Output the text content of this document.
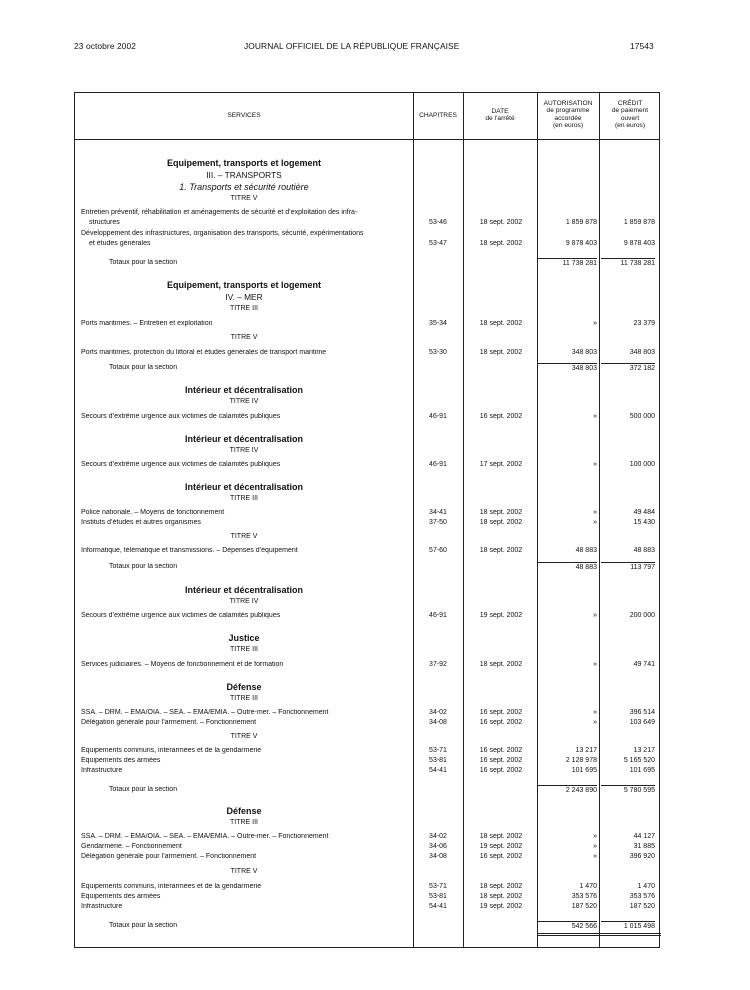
23 octobre 2002	JOURNAL OFFICIEL DE LA RÉPUBLIQUE FRANÇAISE	17543
SERVICES	CHAPITRES
DATE
de l’arrêté
AUTORISATION
de programme
accordée
(en euros)
CRÉDIT
de paiement
ouvert
(en euros)
Equipement, transports et logement
III. – TRANSPORTS
1. Transports et sécurité routière
TITRE V
Entretien préventif, réhabilitation et aménagements de sécurité et d’exploitation des infra-
structures	53-46	18 sept. 2002	1 859 878	1 859 878
Développement des infrastructures, organisation des transports, sécurité, expérimentations
et études générales	53-47	18 sept. 2002	9 878 403	9 878 403
Totaux pour la section	11 738 281	11 738 281
Equipement, transports et logement
IV. – MER
TITRE III
Ports maritimes. – Entretien et exploitation	35-34	18 sept. 2002	»	23 379
TITRE V
Ports maritimes, protection du littoral et études générales de transport maritime	53-30	18 sept. 2002	348 803	348 803
Totaux pour la section	348 803	372 182
Intérieur et décentralisation
TITRE IV
Secours d’extrême urgence aux victimes de calamités publiques	46-91	16 sept. 2002	»	500 000
Intérieur et décentralisation
TITRE IV
Secours d’extrême urgence aux victimes de calamités publiques	46-91	17 sept. 2002	»	100 000
Intérieur et décentralisation
TITRE III
Police nationale. – Moyens de fonctionnement	34-41	18 sept. 2002	»	49 484
Instituts d’études et autres organismes	37-50	18 sept. 2002	»	15 430
TITRE V
Informatique, télématique et transmissions. – Dépenses d’équipement	57-60	18 sept. 2002	48 883	48 883
Totaux pour la section	48 883	113 797
Intérieur et décentralisation
TITRE IV
Secours d’extrême urgence aux victimes de calamités publiques	46-91	19 sept. 2002	»	200 000
Justice
TITRE III
Services judiciaires. – Moyens de fonctionnement et de formation	37-92	18 sept. 2002	»	49 741
Défense
TITRE III
SSA. – DRM. – EMA/OIA. – SEA. – EMA/EMIA. – Outre-mer. – Fonctionnement	34-02	16 sept. 2002	»	396 514
Délégation générale pour l’armement. – Fonctionnement	34-08	16 sept. 2002	»	103 649
TITRE V
Equipements communs, interarmées et de la gendarmerie	53-71	16 sept. 2002	13 217	13 217
Equipements des armées	53-81	16 sept. 2002	2 128 978	5 165 520
Infrastructure	54-41	16 sept. 2002	101 695	101 695
Totaux pour la section	2 243 890	5 780 595
Défense
TITRE III
SSA. – DRM. – EMA/OIA. – SEA. – EMA/EMIA. – Outre-mer. – Fonctionnement	34-02	18 sept. 2002	»	44 127
Gendarmerie. – Fonctionnement	34-06	19 sept. 2002	»	31 885
Délégation générale pour l’armement. – Fonctionnement	34-08	16 sept. 2002	»	396 920
TITRE V
Equipements communs, interarmées et de la gendarmerie	53-71	18 sept. 2002	1 470	1 470
Equipements des armées	53-81	18 sept. 2002	353 576	353 576
Infrastructure	54-41	19 sept. 2002	187 520	187 520
Totaux pour la section	542 566	1 015 498
